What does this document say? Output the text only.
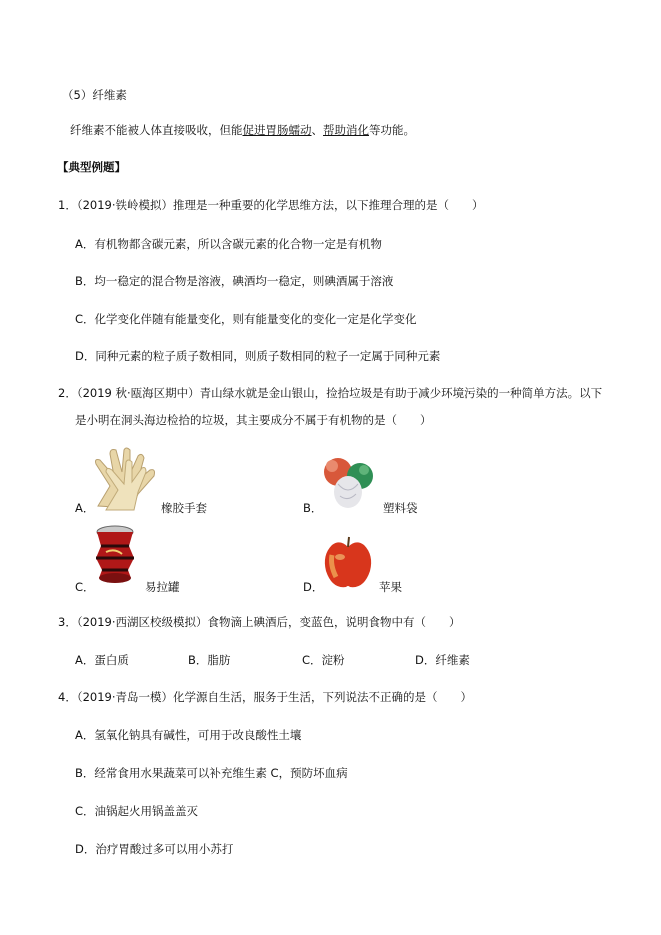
（5）纤维素
纤维素不能被人体直接吸收，但能促进胃肠蠕动、帮助消化等功能。
【典型例题】
1．（2019·铁岭模拟）推理是一种重要的化学思维方法，以下推理合理的是（　　）
A．有机物都含碳元素，所以含碳元素的化合物一定是有机物
B．均一稳定的混合物是溶液，碘酒均一稳定，则碘酒属于溶液
C．化学变化伴随有能量变化，则有能量变化的变化一定是化学变化
D．同种元素的粒子质子数相同，则质子数相同的粒子一定属于同种元素
2．（2019 秋·瓯海区期中）青山绿水就是金山银山，捡拾垃圾是有助于减少环境污染的一种简单方法。以下
是小明在洞头海边检拾的垃圾，其主要成分不属于有机物的是（　　）
A．	橡胶手套	B．	塑料袋
C．	易拉罐	D．	苹果
3．（2019·西湖区校级模拟）食物滴上碘酒后，变蓝色，说明食物中有（　　）
A．蛋白质	B．脂肪	C．淀粉	D．纤维素
4．（2019·青岛一模）化学源自生活，服务于生活，下列说法不正确的是（　　）
A．氢氧化钠具有碱性，可用于改良酸性土壤
B．经常食用水果蔬菜可以补充维生素 C，预防坏血病
C．油锅起火用锅盖盖灭
D．治疗胃酸过多可以用小苏打
